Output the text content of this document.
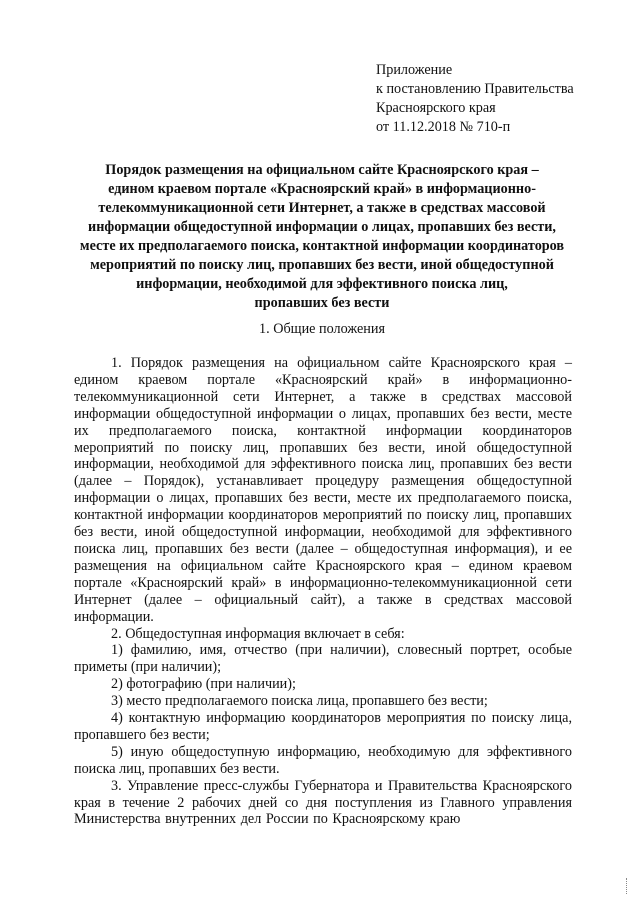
Приложение
к постановлению Правительства
Красноярского края
от 11.12.2018 № 710-п
Порядок размещения на официальном сайте Красноярского края –
едином краевом портале «Красноярский край» в информационно-
телекоммуникационной сети Интернет, а также в средствах массовой
информации общедоступной информации о лицах, пропавших без вести,
месте их предполагаемого поиска, контактной информации координаторов
мероприятий по поиску лиц, пропавших без вести, иной общедоступной
информации, необходимой для эффективного поиска лиц,
пропавших без вести
1. Общие положения

1. Порядок размещения на официальном сайте Красноярского края – едином краевом портале «Красноярский край» в информационно-телекоммуникационной сети Интернет, а также в средствах массовой информации общедоступной информации о лицах, пропавших без вести, месте их предполагаемого поиска, контактной информации координаторов мероприятий по поиску лиц, пропавших без вести, иной общедоступной информации, необходимой для эффективного поиска лиц, пропавших без вести (далее – Порядок), устанавливает процедуру размещения общедоступной информации о лицах, пропавших без вести, месте их предполагаемого поиска, контактной информации координаторов мероприятий по поиску лиц, пропавших без вести, иной общедоступной информации, необходимой для эффективного поиска лиц, пропавших без вести (далее – общедоступная информация), и ее размещения на официальном сайте Красноярского края – едином краевом портале «Красноярский край» в информационно-телекоммуникационной сети Интернет (далее – официальный сайт), а также в средствах массовой информации.

2. Общедоступная информация включает в себя:

1) фамилию, имя, отчество (при наличии), словесный портрет, особые приметы (при наличии);

2) фотографию (при наличии);

3) место предполагаемого поиска лица, пропавшего без вести;

4) контактную информацию координаторов мероприятия по поиску лица, пропавшего без вести;

5) иную общедоступную информацию, необходимую для эффективного поиска лиц, пропавших без вести.

3. Управление пресс-службы Губернатора и Правительства Красноярского края в течение 2 рабочих дней со дня поступления из Главного управления Министерства внутренних дел России по Красноярскому краю
